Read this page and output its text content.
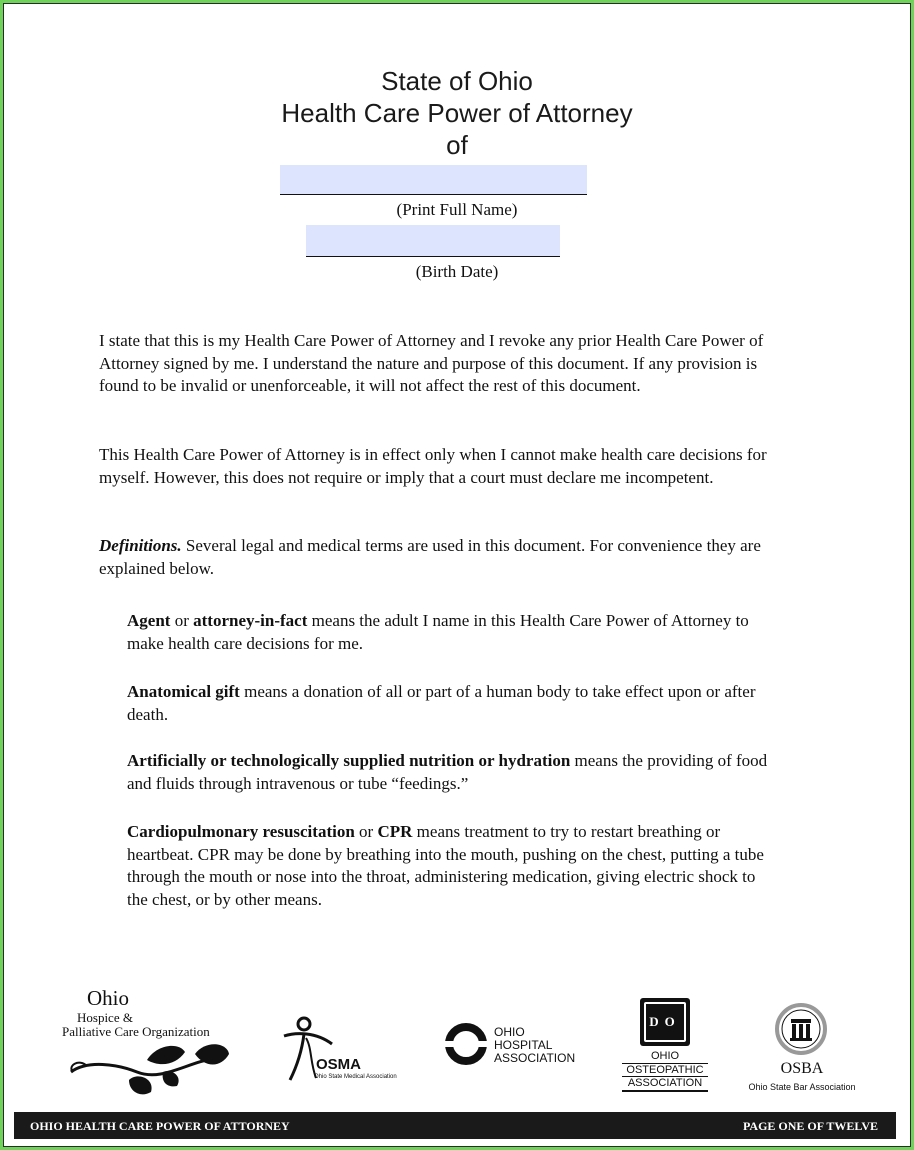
State of Ohio
Health Care Power of Attorney
of
(Print Full Name)
(Birth Date)
I state that this is my Health Care Power of Attorney and I revoke any prior Health Care Power of Attorney signed by me. I understand the nature and purpose of this document. If any provision is found to be invalid or unenforceable, it will not affect the rest of this document.
This Health Care Power of Attorney is in effect only when I cannot make health care decisions for myself. However, this does not require or imply that a court must declare me incompetent.
Definitions. Several legal and medical terms are used in this document. For convenience they are explained below.
Agent or attorney-in-fact means the adult I name in this Health Care Power of Attorney to make health care decisions for me.
Anatomical gift means a donation of all or part of a human body to take effect upon or after death.
Artificially or technologically supplied nutrition or hydration means the providing of food and fluids through intravenous or tube “feedings.”
Cardiopulmonary resuscitation or CPR means treatment to try to restart breathing or heartbeat. CPR may be done by breathing into the mouth, pushing on the chest, putting a tube through the mouth or nose into the throat, administering medication, giving electric shock to the chest, or by other means.
Ohio
Hospice &
Palliative Care Organization
OSMA
Ohio State Medical Association
OHIO
HOSPITAL
ASSOCIATION
DO
OHIO
OSTEOPATHIC
ASSOCIATION
OSBA
Ohio State Bar Association
OHIO HEALTH CARE POWER OF ATTORNEY	PAGE ONE OF TWELVE
